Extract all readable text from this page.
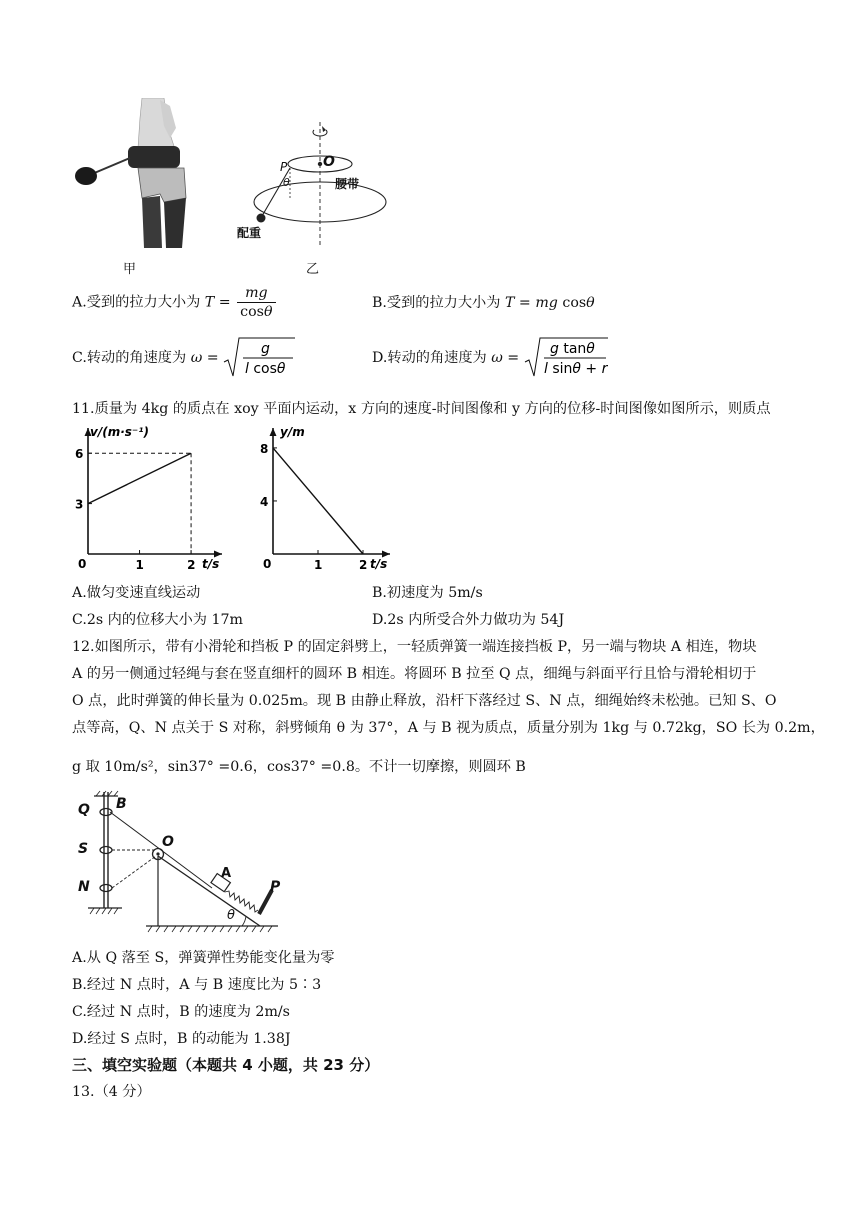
甲
P	O
θ	腰带
配重
乙
A.受到的拉力大小为 $T = \frac{mg}{\cos\theta}$	B.受到的拉力大小为 T = mg cosθ
C.转动的角速度为 ω =
g
l cosθ
D.转动的角速度为 ω =
g tanθ
l sinθ + r
11.质量为 4kg 的质点在 xoy 平面内运动，x 方向的速度-时间图像和 y 方向的位移-时间图像如图所示，则质点
v/(m·s⁻¹)
t/s
0	1	2
3
6
y/m
t/s
0	1	2
4
8
A.做匀变速直线运动	B.初速度为 5m/s
C.2s 内的位移大小为 17m	D.2s 内所受合外力做功为 54J
12.如图所示，带有小滑轮和挡板 P 的固定斜劈上，一轻质弹簧一端连接挡板 P，另一端与物块 A 相连，物块
A 的另一侧通过轻绳与套在竖直细杆的圆环 B 相连。将圆环 B 拉至 Q 点，细绳与斜面平行且恰与滑轮相切于
O 点，此时弹簧的伸长量为 0.025m。现 B 由静止释放，沿杆下落经过 S、N 点，细绳始终未松弛。已知 S、O
点等高，Q、N 点关于 S 对称，斜劈倾角 θ 为 37°，A 与 B 视为质点，质量分别为 1kg 与 0.72kg，SO 长为 0.2m，
g 取 10m/s²，sin37° =0.6，cos37° =0.8。不计一切摩擦，则圆环 B
Q B
S
N
O
A
P
θ
A.从 Q 落至 S，弹簧弹性势能变化量为零
B.经过 N 点时，A 与 B 速度比为 5∶3
C.经过 N 点时，B 的速度为 2m/s
D.经过 S 点时，B 的动能为 1.38J
三、填空实验题（本题共 4 小题，共 23 分）
13.（4 分）
